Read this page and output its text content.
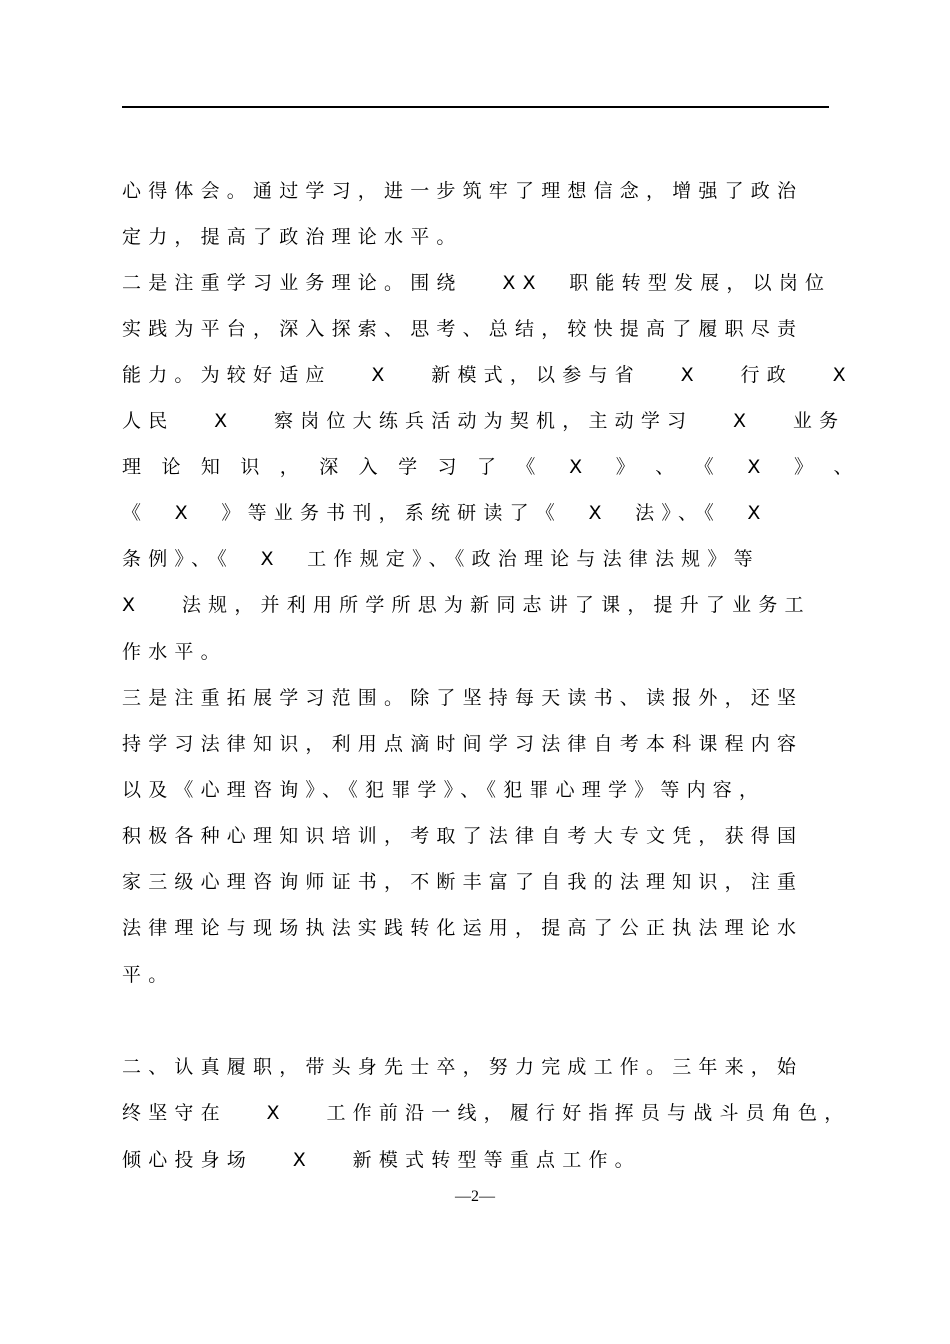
心得体会。通过学习，进一步筑牢了理想信念，增强了政治
定力，提高了政治理论水平。
二是注重学习业务理论。围绕   XX  职能转型发展，以岗位
实践为平台，深入探索、思考、总结，较快提高了履职尽责
能力。为较好适应   X   新模式，以参与省   X   行政   X
人民   X   察岗位大练兵活动为契机，主动学习   X   业务
理 论 知 识 ， 深 入 学 习 了 《  X  》 、 《  X  》 、
《  X  》等业务书刊，系统研读了《  X  法》、《  X
条例》、《  X  工作规定》、《政治理论与法律法规》等
X   法规，并利用所学所思为新同志讲了课，提升了业务工
作水平。
三是注重拓展学习范围。除了坚持每天读书、读报外，还坚
持学习法律知识，利用点滴时间学习法律自考本科课程内容
以及《心理咨询》、《犯罪学》、《犯罪心理学》等内容，
积极各种心理知识培训，考取了法律自考大专文凭，获得国
家三级心理咨询师证书，不断丰富了自我的法理知识，注重
法律理论与现场执法实践转化运用，提高了公正执法理论水
平。
二、认真履职，带头身先士卒，努力完成工作。三年来，始
终坚守在   X   工作前沿一线，履行好指挥员与战斗员角色，
倾心投身场   X   新模式转型等重点工作。
—2—
